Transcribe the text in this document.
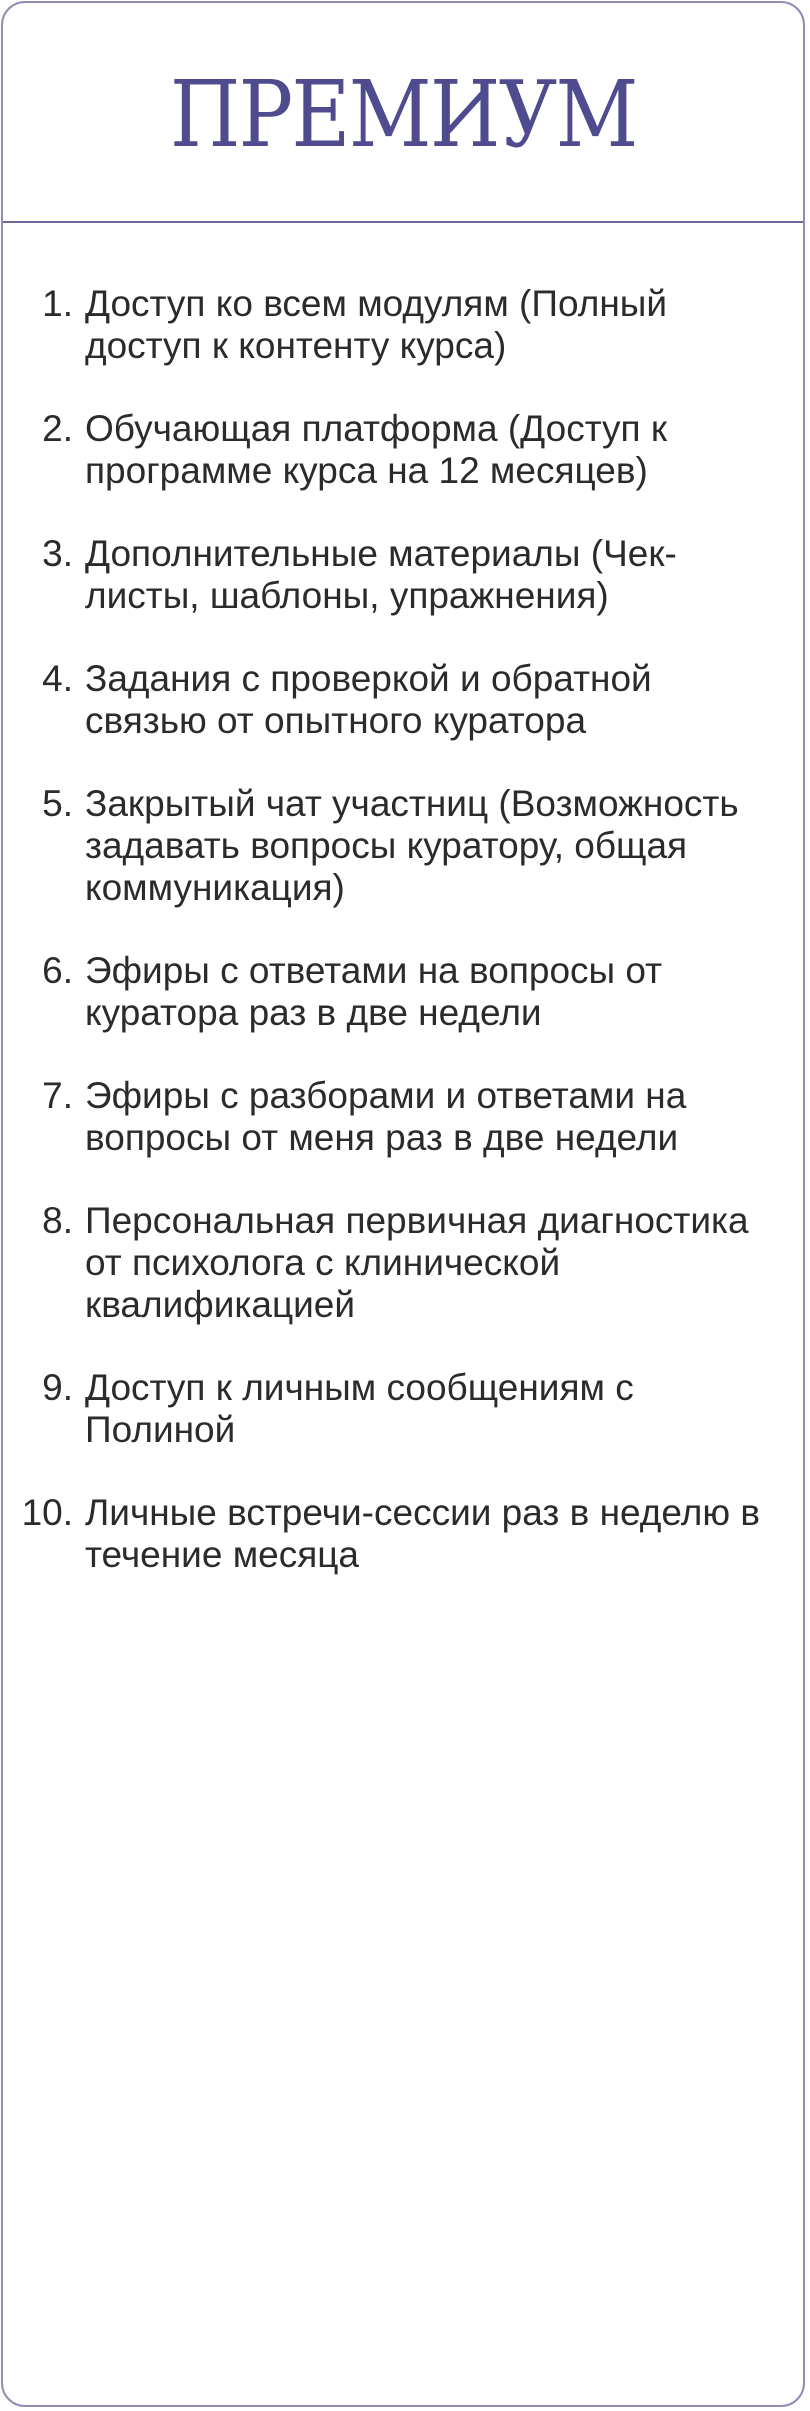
ПРЕМИУМ
1. Доступ ко всем модулям (Полный доступ к контенту курса)
2. Обучающая платформа (Доступ к программе курса на 12 месяцев)
3. Дополнительные материалы (Чек-листы, шаблоны, упражнения)
4. Задания с проверкой и обратной связью от опытного куратора
5. Закрытый чат участниц (Возможность задавать вопросы куратору, общая коммуникация)
6. Эфиры с ответами на вопросы от куратора раз в две недели
7. Эфиры с разборами и ответами на вопросы от меня раз в две недели
8. Персональная первичная диагностика от психолога с клинической квалификацией
9. Доступ к личным сообщениям с Полиной
10. Личные встречи-сессии раз в неделю в течение месяца
